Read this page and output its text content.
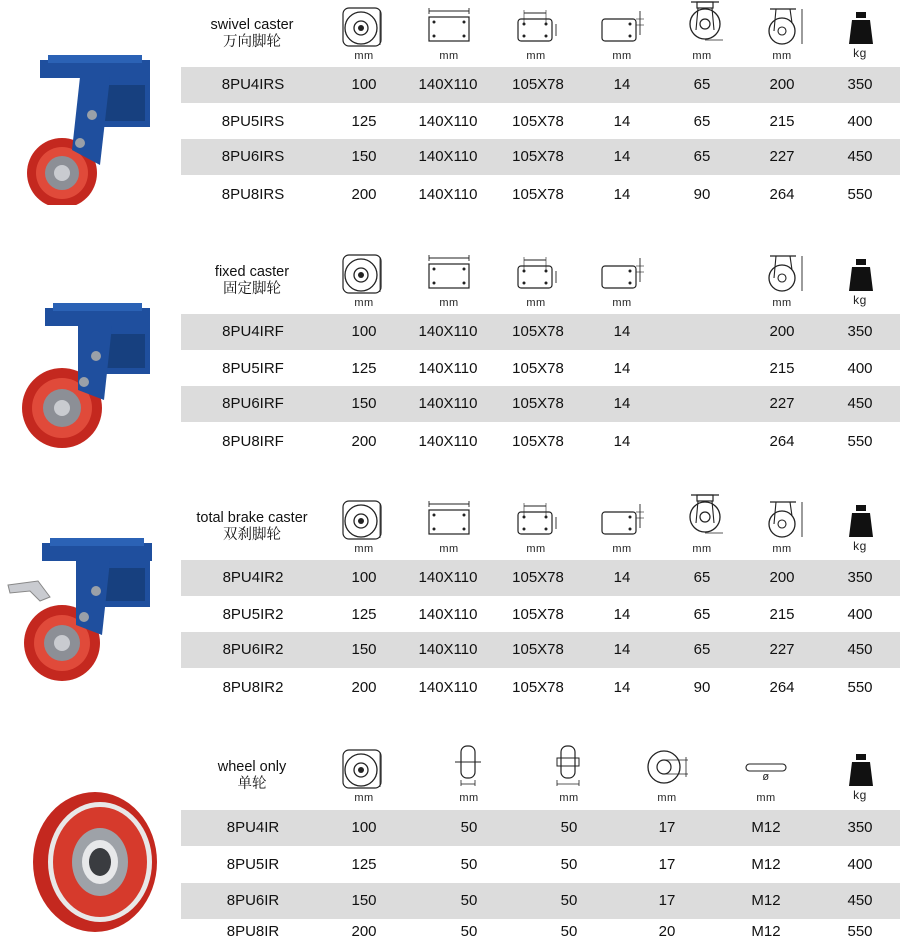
swivel caster
万向脚轮
mm	mm	mm	mm	mm	mm	kg
8PU4IRS	100	140X110	105X78	14	65	200	350
8PU5IRS	125	140X110	105X78	14	65	215	400
8PU6IRS	150	140X110	105X78	14	65	227	450
8PU8IRS	200	140X110	105X78	14	90	264	550
fixed caster
固定脚轮
mm	mm	mm	mm	mm	kg
8PU4IRF	100	140X110	105X78	14	200	350
8PU5IRF	125	140X110	105X78	14	215	400
8PU6IRF	150	140X110	105X78	14	227	450
8PU8IRF	200	140X110	105X78	14	264	550
total brake caster
双刹脚轮
mm	mm	mm	mm	mm	mm	kg
8PU4IR2	100	140X110	105X78	14	65	200	350
8PU5IR2	125	140X110	105X78	14	65	215	400
8PU6IR2	150	140X110	105X78	14	65	227	450
8PU8IR2	200	140X110	105X78	14	90	264	550
wheel only
单轮	ø
mm	mm	mm	mm	mm	kg
8PU4IR	100	50	50	17	M12	350
8PU5IR	125	50	50	17	M12	400
8PU6IR	150	50	50	17	M12	450
8PU8IR	200	50	50	20	M12	550
